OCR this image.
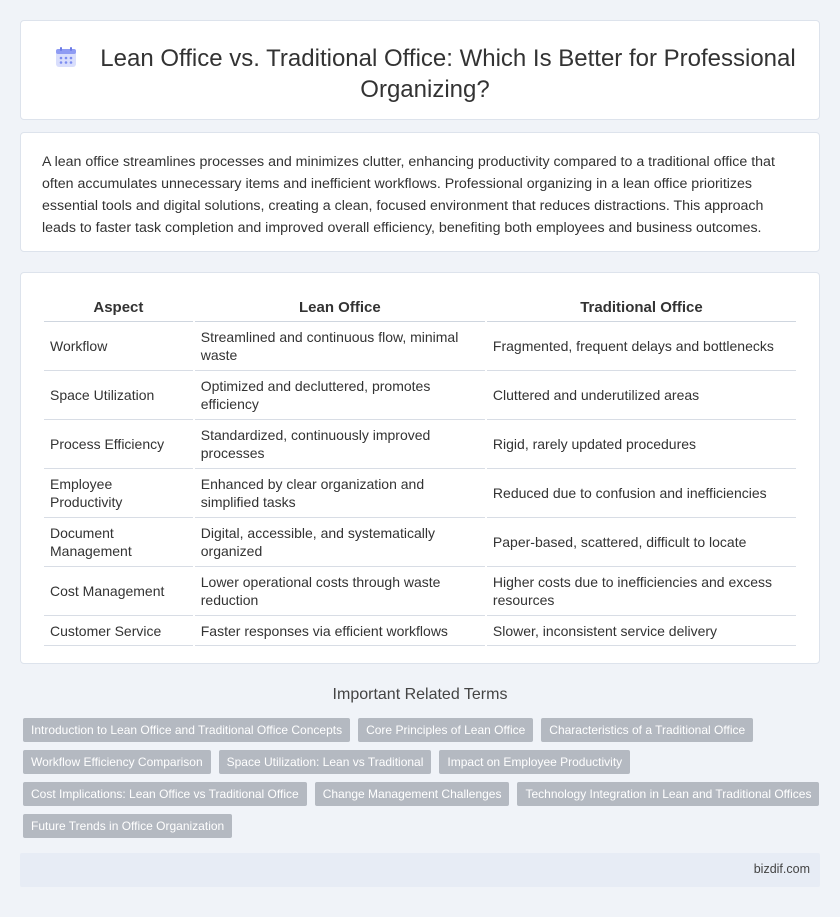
Lean Office vs. Traditional Office: Which Is Better for Professional Organizing?

A lean office streamlines processes and minimizes clutter, enhancing productivity compared to a traditional office that often accumulates unnecessary items and inefficient workflows. Professional organizing in a lean office prioritizes essential tools and digital solutions, creating a clean, focused environment that reduces distractions. This approach leads to faster task completion and improved overall efficiency, benefiting both employees and business outcomes.

Aspect	Lean Office	Traditional Office
Workflow	Streamlined and continuous flow, minimal waste	Fragmented, frequent delays and bottlenecks
Space Utilization	Optimized and decluttered, promotes efficiency	Cluttered and underutilized areas
Process Efficiency	Standardized, continuously improved processes	Rigid, rarely updated procedures
Employee Productivity	Enhanced by clear organization and simplified tasks	Reduced due to confusion and inefficiencies
Document Management	Digital, accessible, and systematically organized	Paper-based, scattered, difficult to locate
Cost Management	Lower operational costs through waste reduction	Higher costs due to inefficiencies and excess resources
Customer Service	Faster responses via efficient workflows	Slower, inconsistent service delivery
Important Related Terms
Introduction to Lean Office and Traditional Office Concepts	Core Principles of Lean Office	Characteristics of a Traditional Office
Workflow Efficiency Comparison	Space Utilization: Lean vs Traditional	Impact on Employee Productivity
Cost Implications: Lean Office vs Traditional Office	Change Management Challenges	Technology Integration in Lean and Traditional Offices
Future Trends in Office Organization
bizdif.com
